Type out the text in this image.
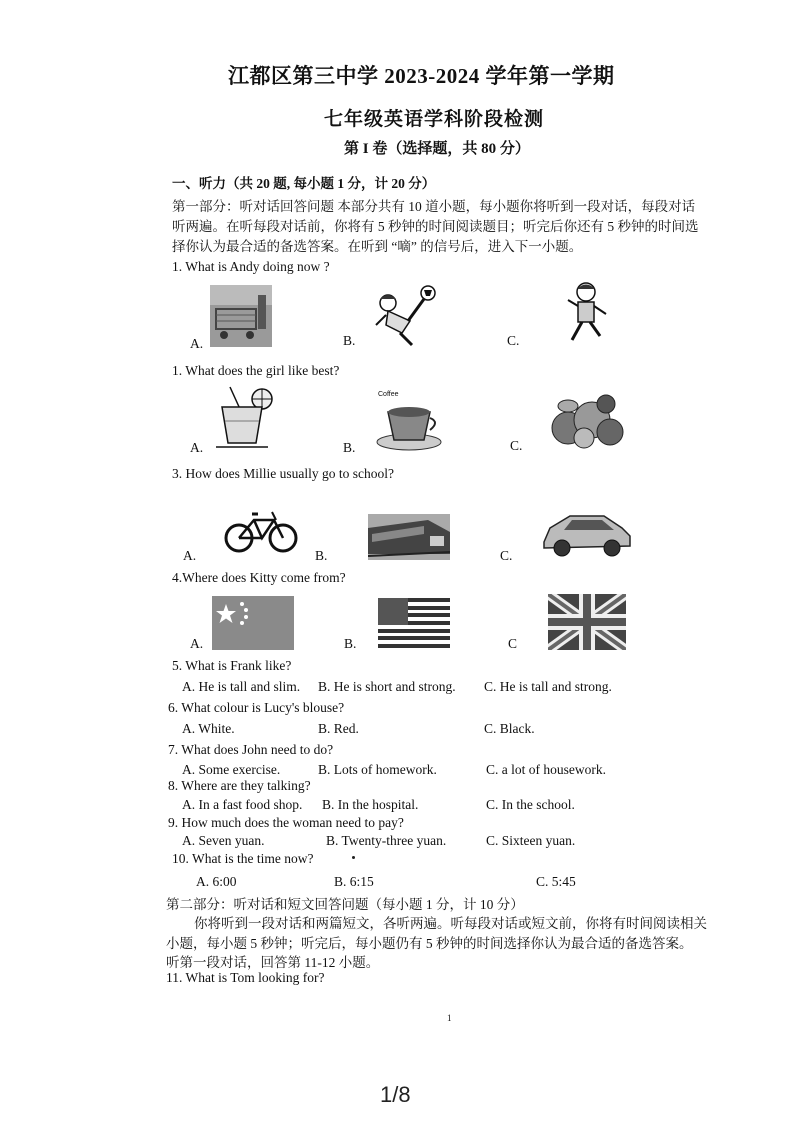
江都区第三中学 2023-2024 学年第一学期
七年级英语学科阶段检测
第 I 卷（选择题，共 80 分）
一、听力（共 20 题, 每小题 1 分，计 20 分）
第一部分：听对话回答问题 本部分共有 10 道小题，每小题你将听到一段对话，每段对话
听两遍。在听每段对话前，你将有 5 秒钟的时间阅读题目；听完后你还有 5 秒钟的时间选
择你认为最合适的备选答案。在听到 “嘀” 的信号后，进入下一小题。
1. What is Andy doing now ?
A.	B.	C.
1. What does the girl like best?
A.	B.	C.
Coffee
3. How does Millie usually go to school?
A.	B.	C.
4.Where does Kitty come from?
A.	B.	C
5. What is Frank like?
A. He is tall and slim. B. He is short and strong. C. He is tall and strong.
6. What colour is Lucy's blouse?
A. White.	B. Red.	C. Black.
7. What does John need to do?
A. Some exercise.	B. Lots of homework.	C. a lot of housework.
8. Where are they talking?
A. In a fast food shop. B. In the hospital.	C. In the school.
9. How much does the woman need to pay?
A. Seven yuan.	B. Twenty-three yuan.	C. Sixteen yuan.
10. What is the time now?
A. 6:00	B. 6:15	C. 5:45
第二部分：听对话和短文回答问题（每小题 1 分，计 10 分）
你将听到一段对话和两篇短文，各听两遍。听每段对话或短文前，你将有时间阅读相关
小题，每小题 5 秒钟；听完后，每小题仍有 5 秒钟的时间选择你认为最合适的备选答案。
听第一段对话，回答第 11-12 小题。
11. What is Tom looking for?
1
1/8
